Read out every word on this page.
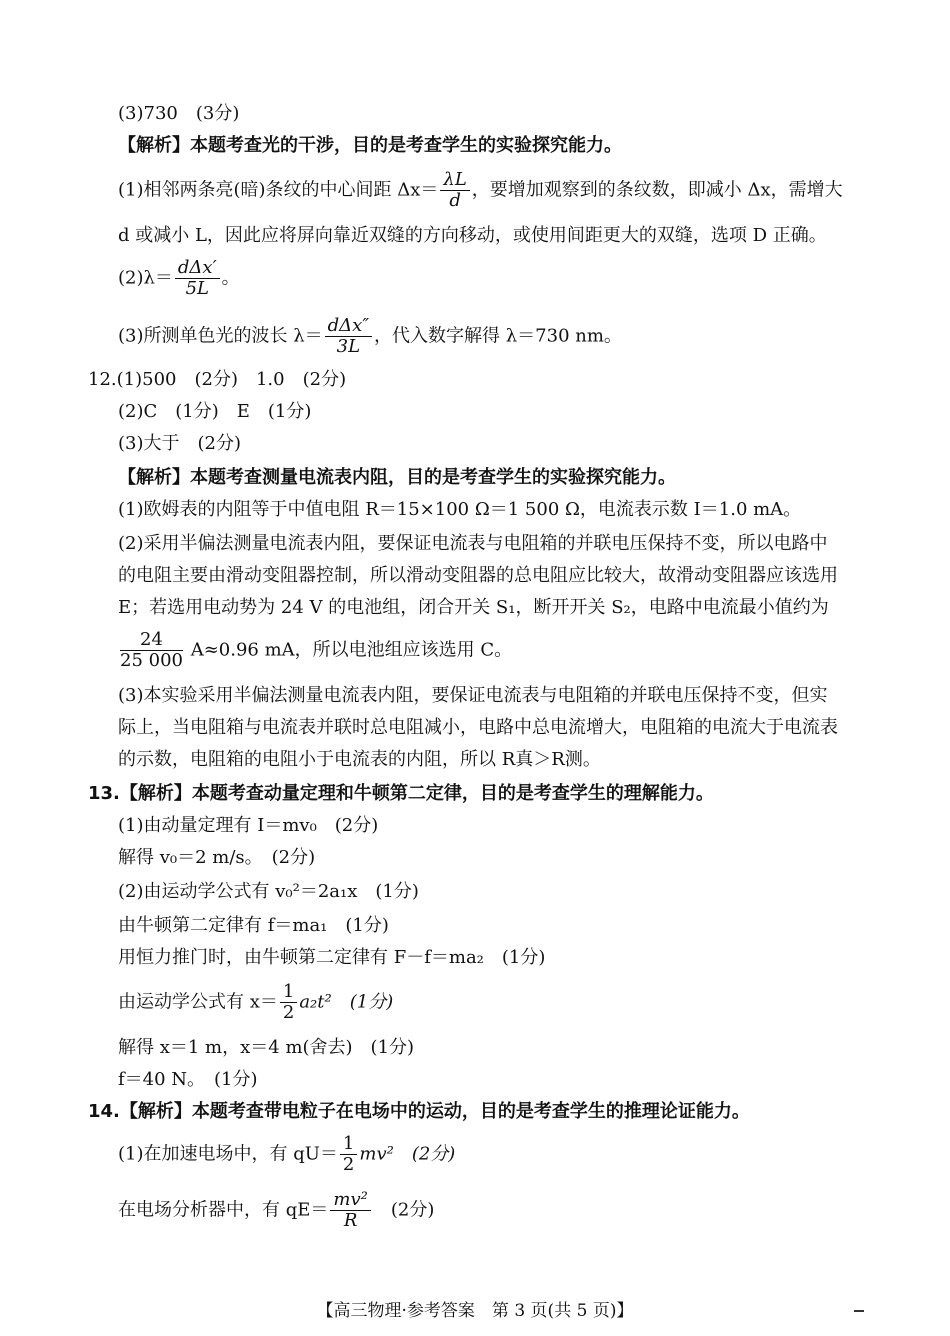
(3)730　(3分)
【解析】本题考查光的干涉，目的是考查学生的实验探究能力。
(1)相邻两条亮(暗)条纹的中心间距 $\Delta x= \frac{\lambda L}{d}$ ，要增加观察到的条纹数，即减小 Δx，需增大
d 或减小 L，因此应将屏向靠近双缝的方向移动，或使用间距更大的双缝，选项 D 正确。
$(2)\lambda= \frac{\text{dΔx′}}{5L}$ 。
(3)所测单色光的波长 $\lambda= \frac{\text{dΔx″}}{3L}$ ，代入数字解得 λ＝730 nm。
12.(1)500　(2分)　1.0　(2分)
(2)C　(1分)　E　(1分)
(3)大于　(2分)
【解析】本题考查测量电流表内阻，目的是考查学生的实验探究能力。
(1)欧姆表的内阻等于中值电阻 R＝15×100 Ω＝1 500 Ω，电流表示数 I＝1.0 mA。
(2)采用半偏法测量电流表内阻，要保证电流表与电阻箱的并联电压保持不变，所以电路中
的电阻主要由滑动变阻器控制，所以滑动变阻器的总电阻应比较大，故滑动变阻器应该选用
E；若选用电动势为 24 V 的电池组，闭合开关 S₁，断开开关 S₂，电路中电流最小值约为
$\frac{24}{25 000} A\approx 0.96$ mA，所以电池组应该选用 C。
(3)本实验采用半偏法测量电流表内阻，要保证电流表与电阻箱的并联电压保持不变，但实
际上，当电阻箱与电流表并联时总电阻减小，电路中总电流增大，电阻箱的电流大于电流表
的示数，电阻箱的电阻小于电流表的内阻，所以 R真＞R测。
13.【解析】本题考查动量定理和牛顿第二定律，目的是考查学生的理解能力。
(1)由动量定理有 I＝mv₀　(2分)
解得 v₀＝2 m/s。　(2分)
(2)由运动学公式有 v₀²＝2a₁x　(1分)
由牛顿第二定律有 f＝ma₁　(1分)
用恒力推门时，由牛顿第二定律有 F－f＝ma₂　(1分)
由运动学公式有 $x= \frac{1}{2} a_2t^2$　(1分)
解得 x＝1 m，x＝4 m(舍去)　(1分)
f＝40 N。　(1分)
14.【解析】本题考查带电粒子在电场中的运动，目的是考查学生的推理论证能力。
(1)在加速电场中，有 $qU= \frac{1}{2} mv^2$　(2分)
在电场分析器中，有 $qE= \frac{\text{mv²}}{R}$ 　(2分)
【高三物理·参考答案　第 3 页(共 5 页)】
